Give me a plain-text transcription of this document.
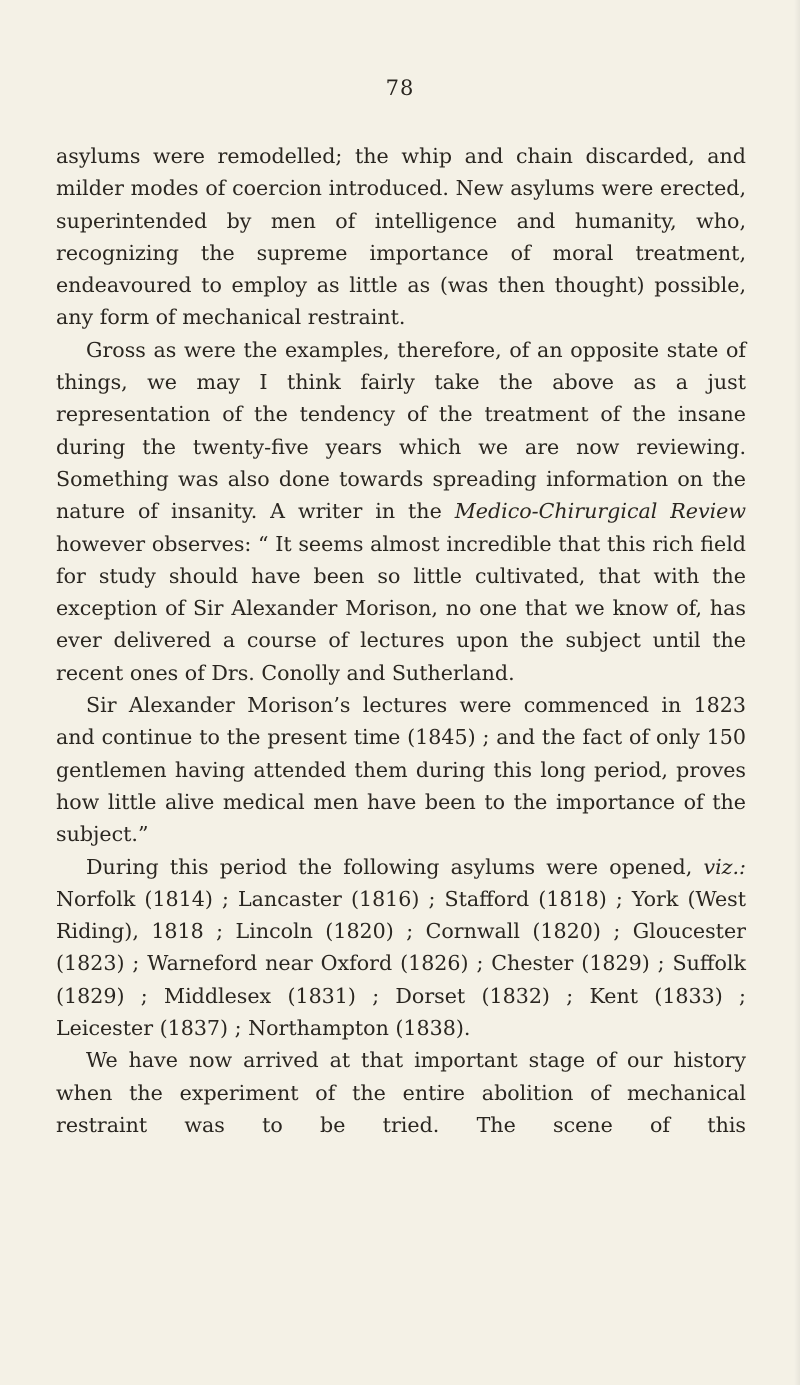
78

asylums were remodelled; the whip and chain discarded, and milder modes of coercion introduced. New asylums were erected, superintended by men of intelligence and humanity, who, recognizing the supreme importance of moral treatment, endeavoured to employ as little as (was then thought) possible, any form of mechanical restraint.

Gross as were the examples, therefore, of an opposite state of things, we may I think fairly take the above as a just representation of the tendency of the treatment of the insane during the twenty-five years which we are now reviewing. Something was also done towards spreading information on the nature of insanity. A writer in the Medico-Chirurgical Review however observes: “ It seems almost incredible that this rich field for study should have been so little cultivated, that with the exception of Sir Alexander Morison, no one that we know of, has ever delivered a course of lectures upon the subject until the recent ones of Drs. Conolly and Sutherland.

Sir Alexander Morison’s lectures were commenced in 1823 and continue to the present time (1845) ; and the fact of only 150 gentlemen having attended them during this long period, proves how little alive medical men have been to the importance of the subject.”

During this period the following asylums were opened, viz.: Norfolk (1814) ; Lancaster (1816) ; Stafford (1818) ; York (West Riding), 1818 ; Lincoln (1820) ; Cornwall (1820) ; Gloucester (1823) ; Warneford near Oxford (1826) ; Chester (1829) ; Suffolk (1829) ; Middlesex (1831) ; Dorset (1832) ; Kent (1833) ; Leicester (1837) ; Northampton (1838).

We have now arrived at that important stage of our history when the experiment of the entire abolition of mechanical restraint was to be tried. The scene of this
